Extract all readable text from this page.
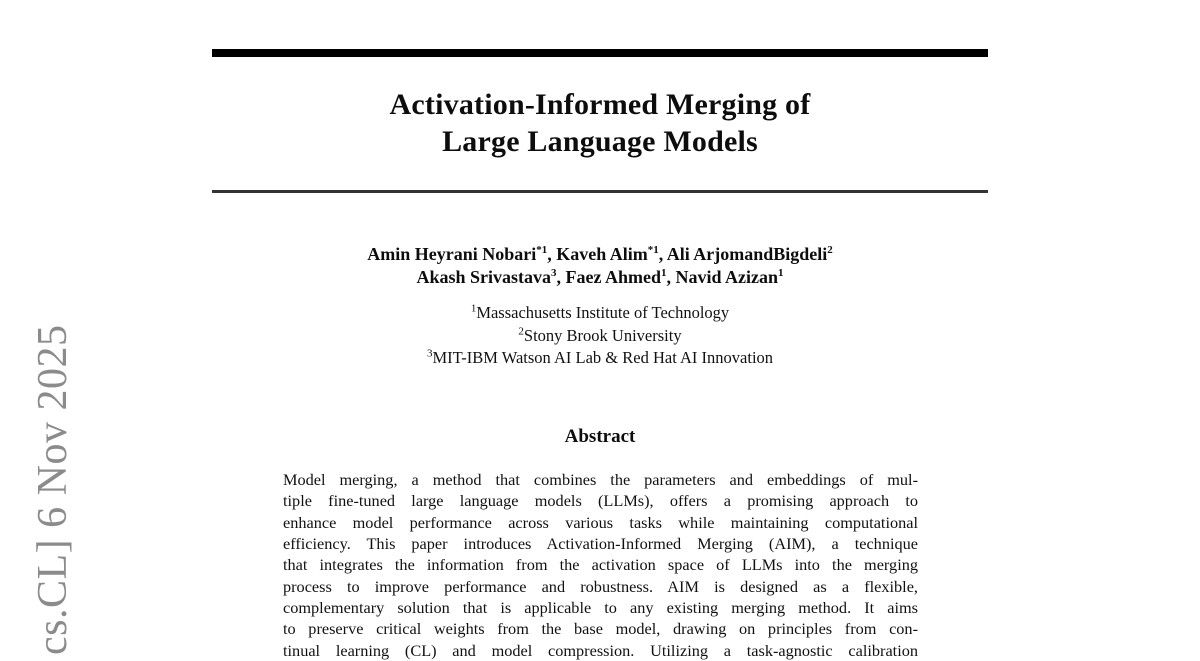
Activation-Informed Merging of
Large Language Models
Amin Heyrani Nobari$^{*1}$, Kaveh Alim$^{*1}$, Ali ArjomandBigdeli$^2$
Akash Srivastava$^3$, Faez Ahmed$^1$, Navid Azizan$^1$
$^1$Massachusetts Institute of Technology
$^2$Stony Brook University
$^3$MIT-IBM Watson AI Lab & Red Hat AI Innovation
Abstract
Model merging, a method that combines the parameters and embeddings of mul-
tiple fine-tuned large language models (LLMs), offers a promising approach to
enhance model performance across various tasks while maintaining computational
efficiency. This paper introduces Activation-Informed Merging (AIM), a technique
that integrates the information from the activation space of LLMs into the merging
process to improve performance and robustness. AIM is designed as a flexible,
complementary solution that is applicable to any existing merging method. It aims
to preserve critical weights from the base model, drawing on principles from con-
tinual learning (CL) and model compression. Utilizing a task-agnostic calibration
cs.CL] 6 Nov 2025
